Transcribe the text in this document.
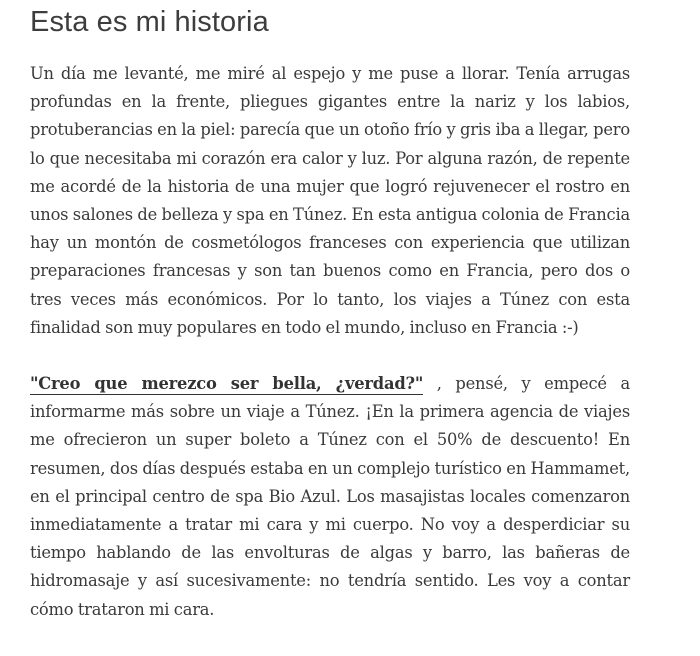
Esta es mi historia

Un día me levanté, me miré al espejo y me puse a llorar. Tenía arrugas profundas en la frente, pliegues gigantes entre la nariz y los labios, protuberancias en la piel: parecía que un otoño frío y gris iba a llegar, pero lo que necesitaba mi corazón era calor y luz. Por alguna razón, de repente me acordé de la historia de una mujer que logró rejuvenecer el rostro en unos salones de belleza y spa en Túnez. En esta antigua colonia de Francia hay un montón de cosmetólogos franceses con experiencia que utilizan preparaciones francesas y son tan buenos como en Francia, pero dos o tres veces más económicos. Por lo tanto, los viajes a Túnez con esta finalidad son muy populares en todo el mundo, incluso en Francia :-)

"Creo que merezco ser bella, ¿verdad?" , pensé, y empecé a informarme más sobre un viaje a Túnez. ¡En la primera agencia de viajes me ofrecieron un super boleto a Túnez con el 50% de descuento! En resumen, dos días después estaba en un complejo turístico en Hammamet, en el principal centro de spa Bio Azul. Los masajistas locales comenzaron inmediatamente a tratar mi cara y mi cuerpo. No voy a desperdiciar su tiempo hablando de las envolturas de algas y barro, las bañeras de hidromasaje y así sucesivamente: no tendría sentido. Les voy a contar cómo trataron mi cara.
